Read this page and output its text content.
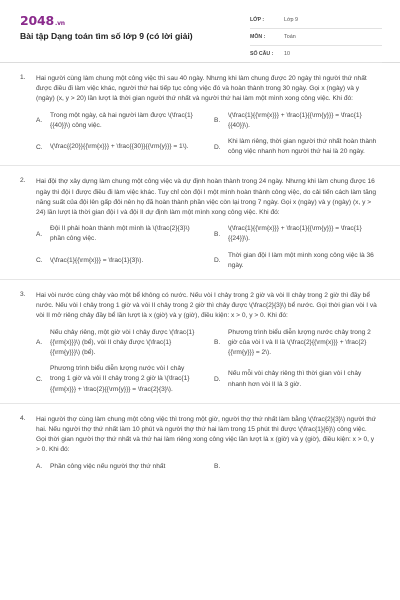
2048.vn
Bài tập Dạng toán tìm số lớp 9 (có lời giải)
LỚP :	Lớp 9
MÔN :	Toán
SỐ CÂU :	10
1. Hai người cùng làm chung một công việc thì sau 40 ngày. Nhưng khi làm chung được 20 ngày thì người thứ nhất được điều đi làm việc khác, người thứ hai tiếp tục công việc đó và hoàn thành trong 30 ngày. Gọi x (ngày) và y (ngày) (x, y > 20) lần lượt là thời gian người thứ nhất và người thứ hai làm một mình xong công việc. Khi đó:
A.
Trong một ngày, cả hai người làm được \(\frac{1}{{40}}\) công việc.
B.
\(\frac{1}{{\rm{x}}} + \frac{1}{{\rm{y}}} = \frac{1}{{40}}\).
C.	\(\frac{{20}}{{\rm{x}}} + \frac{{30}}{{\rm{y}}} = 1\).	D.
Khi làm riêng, thời gian người thứ nhất hoàn thành công việc nhanh hơn người thứ hai là 20 ngày.
2. Hai đội thợ xây dựng làm chung một công việc và dự định hoàn thành trong 24 ngày. Nhưng khi làm chung được 16 ngày thì đội I được điều đi làm việc khác. Tuy chỉ còn đội I một mình hoàn thành công việc, do cải tiến cách làm tăng năng suất của đội lên gấp đôi nên họ đã hoàn thành phần việc còn lại trong 7 ngày. Gọi x (ngày) và y (ngày) (x, y > 24) lần lượt là thời gian đội I và đội II dự định làm một mình xong công việc. Khi đó:
A.
Đội II phải hoàn thành một mình là \(\frac{2}{3}\) phần công việc.
B.
\(\frac{1}{{\rm{x}}} + \frac{1}{{\rm{y}}} = \frac{1}{{24}}\).
C.	\(\frac{1}{{\rm{x}}} = \frac{1}{3}\).	D.
Thời gian đội I làm một mình xong công việc là 36 ngày.
3. Hai vòi nước cùng chảy vào một bể không có nước. Nếu vòi I chảy trong 2 giờ và vòi II chảy trong 2 giờ thì đầy bể nước. Nếu vòi I chảy trong 1 giờ và vòi II chảy trong 2 giờ thì chảy được \(\frac{2}{3}\) bể nước. Gọi thời gian vòi I và vòi II mở riêng chảy đầy bể lần lượt là x (giờ) và y (giờ), điều kiện: x > 0, y > 0. Khi đó:
A.
Nếu chảy riêng, một giờ vòi I chảy được \(\frac{1}{{\rm{x}}}\) (bể), vòi II chảy được \(\frac{1}{{\rm{y}}}\) (bể).
B.
Phương trình biểu diễn lượng nước chảy trong 2 giờ của vòi I và II là \(\frac{2}{{\rm{x}}} + \frac{2}{{\rm{y}}} = 2\).
C.
Phương trình biểu diễn lượng nước vòi I chảy trong 1 giờ và vòi II chảy trong 2 giờ là \(\frac{1}{{\rm{x}}} + \frac{2}{{\rm{y}}} = \frac{2}{3}\).
D.
Nếu mỗi vòi chảy riêng thì thời gian vòi I chảy nhanh hơn vòi II là 3 giờ.
4. Hai người thợ cùng làm chung một công việc thì trong một giờ, người thợ thứ nhất làm bằng \(\frac{2}{3}\) người thứ hai. Nếu người thợ thứ nhất làm 10 phút và người thợ thứ hai làm trong 15 phút thì được \(\frac{1}{6}\) công việc. Gọi thời gian người thợ thứ nhất và thứ hai làm riêng xong công việc lần lượt là x (giờ) và y (giờ), điều kiện: x > 0, y > 0. Khi đó:
A.	Phần công việc nếu người thợ thứ nhất	B.
